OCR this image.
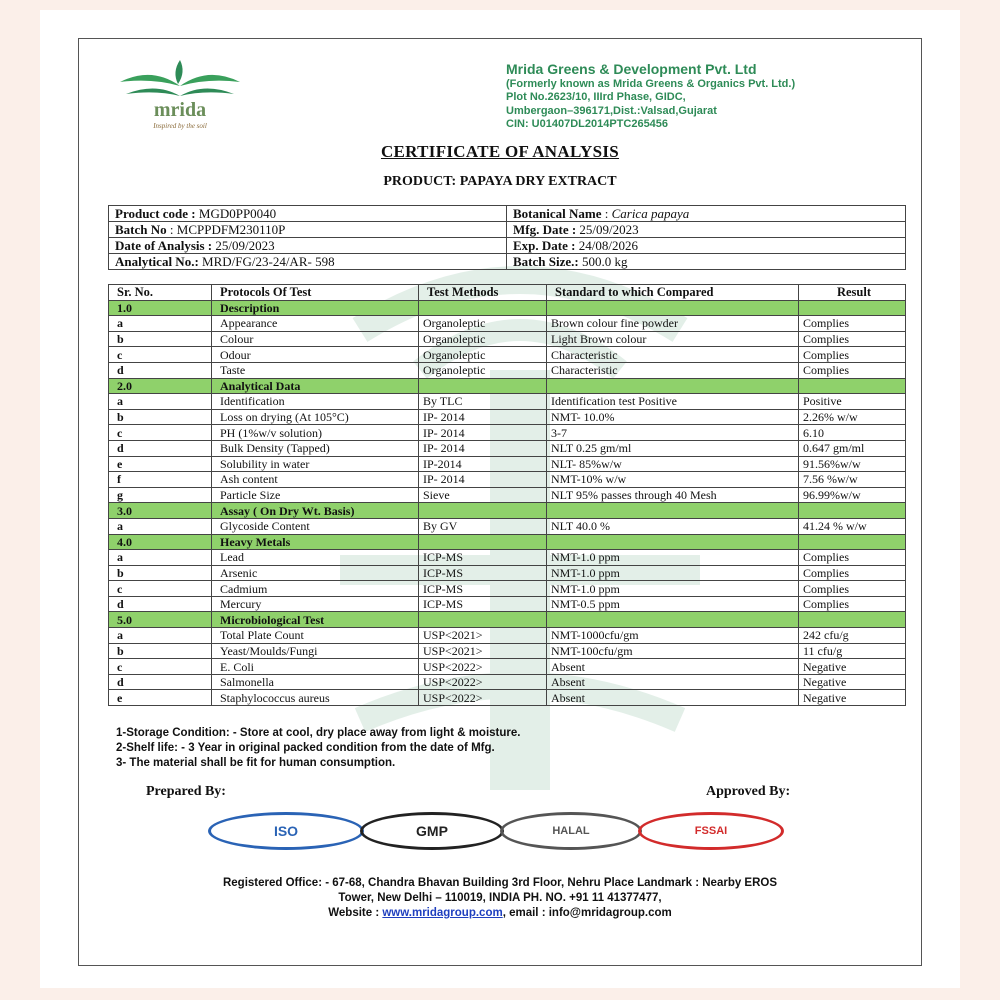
mrida
Inspired by the soil
Mrida Greens & Development Pvt. Ltd
(Formerly known as Mrida Greens & Organics Pvt. Ltd.)
Plot No.2623/10, IIIrd Phase, GIDC,
Umbergaon–396171,Dist.:Valsad,Gujarat
CIN: U01407DL2014PTC265456
CERTIFICATE OF ANALYSIS
PRODUCT: PAPAYA DRY EXTRACT
Product code : MGD0PP0040	Botanical Name : Carica papaya
Batch No : MCPPDFM230110P	Mfg. Date : 25/09/2023
Date of Analysis : 25/09/2023	Exp. Date : 24/08/2026
Analytical No.: MRD/FG/23-24/AR- 598	Batch Size.: 500.0 kg
Sr. No.	Protocols Of Test	Test Methods	Standard to which Compared	Result
1.0	Description			
a	Appearance	Organoleptic	Brown colour fine powder	Complies
b	Colour	Organoleptic	Light Brown colour	Complies
c	Odour	Organoleptic	Characteristic	Complies
d	Taste	Organoleptic	Characteristic	Complies
2.0	Analytical Data			
a	Identification	By TLC	Identification test Positive	Positive
b	Loss on drying (At 105°C)	IP- 2014	NMT- 10.0%	2.26% w/w
c	PH (1%w/v solution)	IP- 2014	3-7	6.10
d	Bulk Density (Tapped)	IP- 2014	NLT 0.25 gm/ml	0.647 gm/ml
e	Solubility in water	IP-2014	NLT- 85%w/w	91.56%w/w
f	Ash content	IP- 2014	NMT-10% w/w	7.56 %w/w
g	Particle Size	Sieve	NLT 95% passes through 40 Mesh	96.99%w/w
3.0	Assay ( On Dry Wt. Basis)			
a	Glycoside Content	By GV	NLT 40.0 %	41.24 % w/w
4.0	Heavy Metals			
a	Lead	ICP-MS	NMT-1.0 ppm	Complies
b	Arsenic	ICP-MS	NMT-1.0 ppm	Complies
c	Cadmium	ICP-MS	NMT-1.0 ppm	Complies
d	Mercury	ICP-MS	NMT-0.5 ppm	Complies
5.0	Microbiological Test			
a	Total Plate Count	USP<2021>	NMT-1000cfu/gm	242 cfu/g
b	Yeast/Moulds/Fungi	USP<2021>	NMT-100cfu/gm	11 cfu/g
c	E. Coli	USP<2022>	Absent	Negative
d	Salmonella	USP<2022>	Absent	Negative
e	Staphylococcus aureus	USP<2022>	Absent	Negative
1-Storage Condition: - Store at cool, dry place away from light & moisture.
2-Shelf life: - 3 Year in original packed condition from the date of Mfg.
3- The material shall be fit for human consumption.
Prepared By:	Approved By:
ISO	GMP	HALAL	FSSAI
Registered Office: - 67-68, Chandra Bhavan Building 3rd Floor, Nehru Place Landmark : Nearby EROS
Tower, New Delhi – 110019, INDIA PH. NO. +91 11 41377477,
Website : www.mridagroup.com, email : info@mridagroup.com
